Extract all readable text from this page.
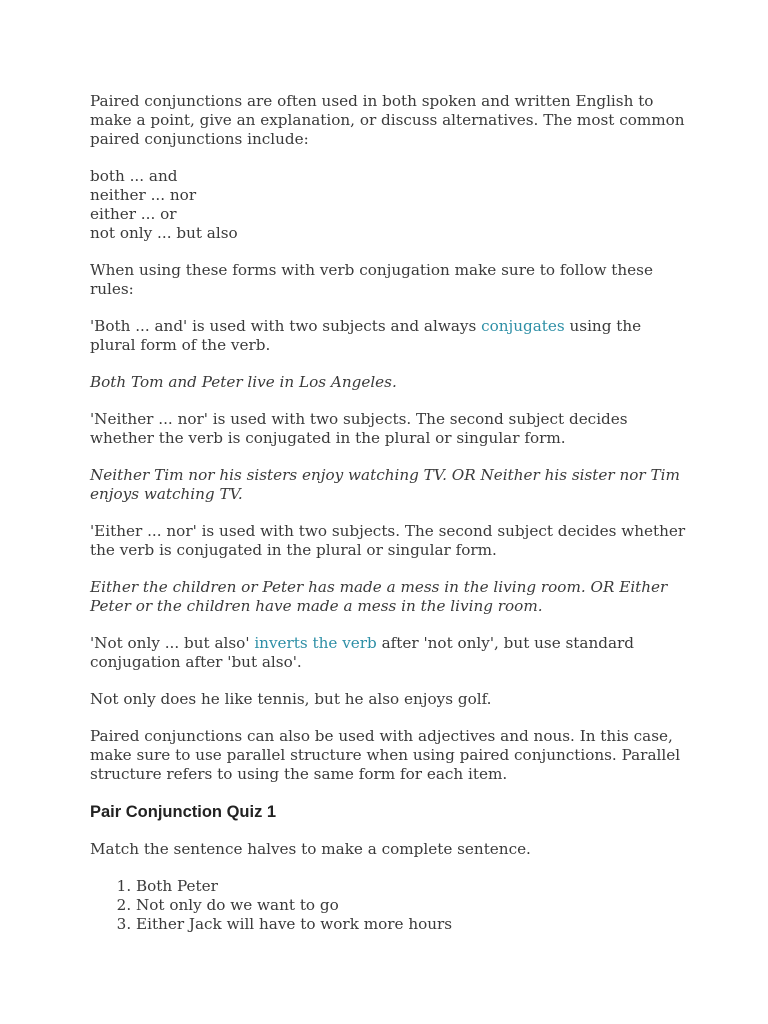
Paired conjunctions are often used in both spoken and written English to make a point, give an explanation, or discuss alternatives. The most common paired conjunctions include:

both ... and
neither ... nor
either ... or
not only ... but also

When using these forms with verb conjugation make sure to follow these rules:

'Both ... and' is used with two subjects and always conjugates using the plural form of the verb.

Both Tom and Peter live in Los Angeles.

'Neither ... nor' is used with two subjects. The second subject decides whether the verb is conjugated in the plural or singular form.

Neither Tim nor his sisters enjoy watching TV. OR Neither his sister nor Tim enjoys watching TV.

'Either ... nor' is used with two subjects. The second subject decides whether the verb is conjugated in the plural or singular form.

Either the children or Peter has made a mess in the living room. OR Either Peter or the children have made a mess in the living room.

'Not only ... but also' inverts the verb after 'not only', but use standard conjugation after 'but also'.

Not only does he like tennis, but he also enjoys golf.

Paired conjunctions can also be used with adjectives and nous. In this case, make sure to use parallel structure when using paired conjunctions. Parallel structure refers to using the same form for each item.

Pair Conjunction Quiz 1

Match the sentence halves to make a complete sentence.

1. Both Peter
2. Not only do we want to go
3. Either Jack will have to work more hours
